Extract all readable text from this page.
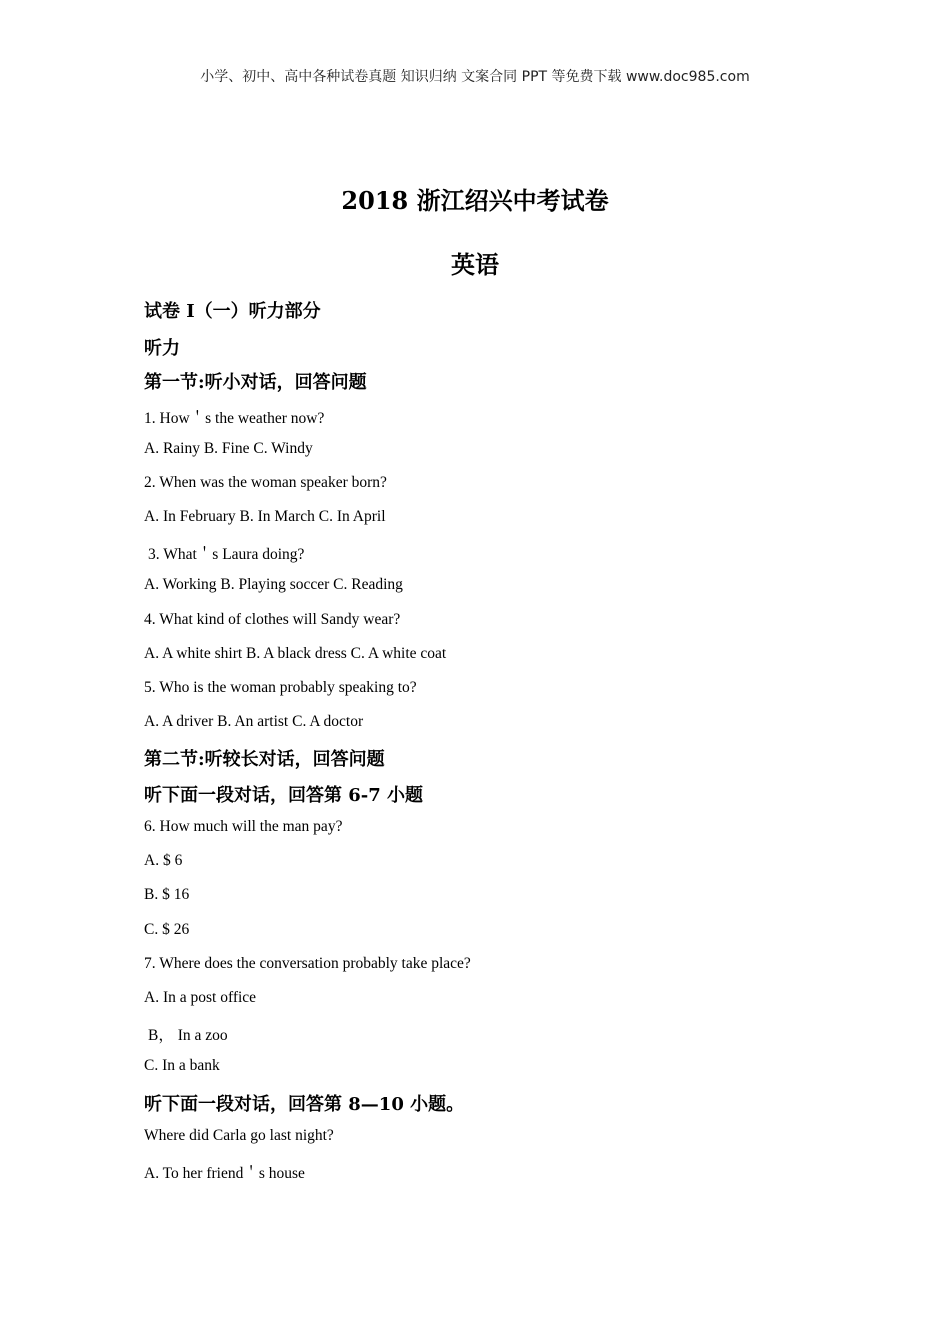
小学、初中、高中各种试卷真题 知识归纳 文案合同 PPT 等免费下载 www.doc985.com
2018 浙江绍兴中考试卷
英语
试卷 I（一）听力部分
听力
第一节:听小对话，回答问题
1. How＇s the weather now?
A. Rainy B. Fine C. Windy
2. When was the woman speaker born?
A. In February B. In March C. In April
3. What＇s Laura doing?
A. Working B. Playing soccer C. Reading
4. What kind of clothes will Sandy wear?
A. A white shirt B. A black dress C. A white coat
5. Who is the woman probably speaking to?
A. A driver B. An artist C. A doctor
第二节:听较长对话，回答问题
听下面一段对话，回答第 6-7 小题
6. How much will the man pay?
A. $ 6
B. $ 16
C. $ 26
7. Where does the conversation probably take place?
A. In a post office
B， In a zoo
C. In a bank
听下面一段对话，回答第 8—10 小题。
Where did Carla go last night?
A. To her friend＇s house
